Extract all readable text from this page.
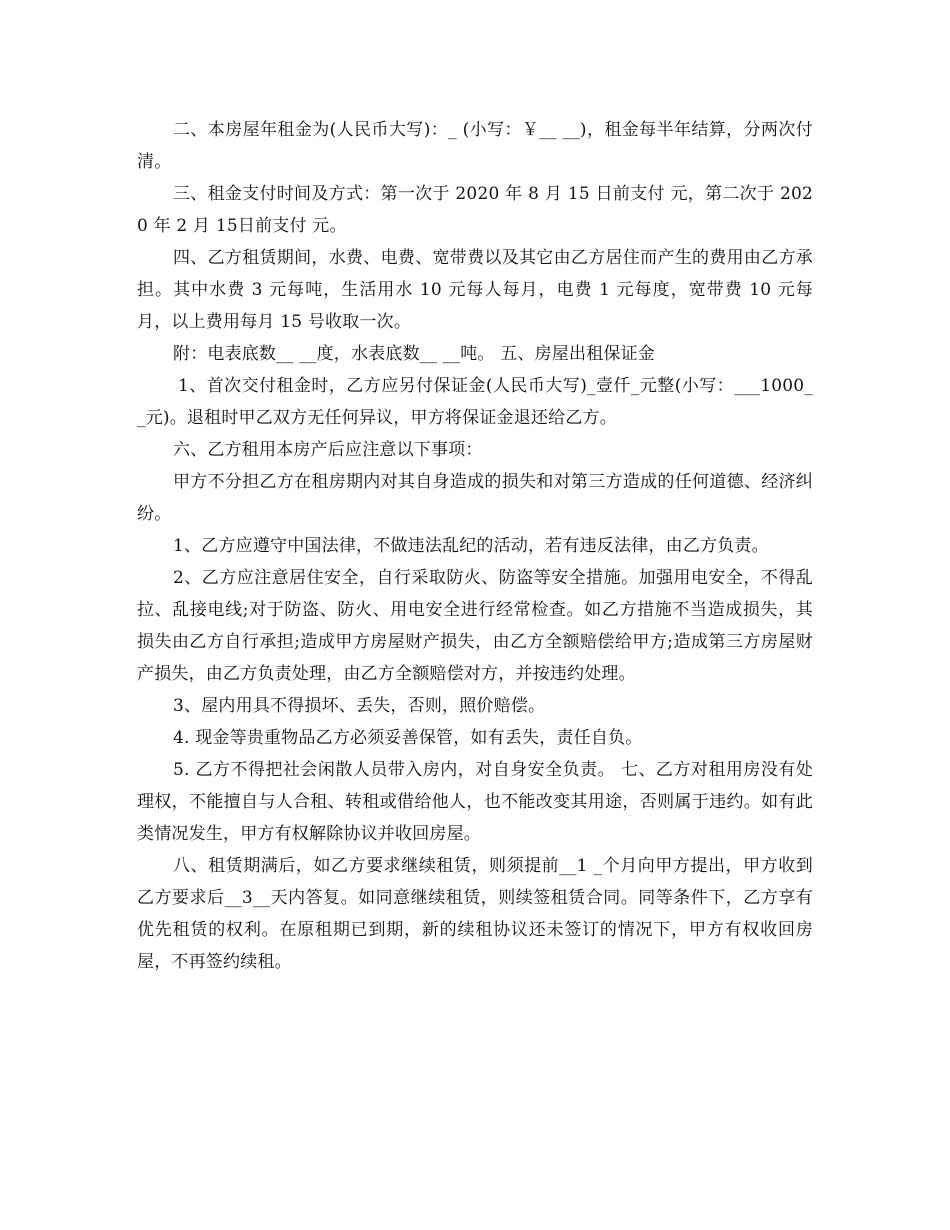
二、本房屋年租金为(人民币大写)：_ (小写：￥__ __)，租金每半年结算，分两次付清。

三、租金支付时间及方式：第一次于 2020 年 8 月 15 日前支付 元，第二次于 2020 年 2 月 15日前支付 元。

四、乙方租赁期间，水费、电费、宽带费以及其它由乙方居住而产生的费用由乙方承担。其中水费 3 元每吨，生活用水 10 元每人每月，电费 1 元每度，宽带费 10 元每月，以上费用每月 15 号收取一次。

附：电表底数__ __度，水表底数__ __吨。 五、房屋出租保证金

1、首次交付租金时，乙方应另付保证金(人民币大写)_壹仟_元整(小写：___1000__元)。退租时甲乙双方无任何异议，甲方将保证金退还给乙方。

六、乙方租用本房产后应注意以下事项：

甲方不分担乙方在租房期内对其自身造成的损失和对第三方造成的任何道德、经济纠纷。

1、乙方应遵守中国法律，不做违法乱纪的活动，若有违反法律，由乙方负责。

2、乙方应注意居住安全，自行采取防火、防盗等安全措施。加强用电安全，不得乱拉、乱接电线;对于防盗、防火、用电安全进行经常检查。如乙方措施不当造成损失，其损失由乙方自行承担;造成甲方房屋财产损失，由乙方全额赔偿给甲方;造成第三方房屋财产损失，由乙方负责处理，由乙方全额赔偿对方，并按违约处理。

3、屋内用具不得损坏、丢失，否则，照价赔偿。

4. 现金等贵重物品乙方必须妥善保管，如有丢失，责任自负。

5. 乙方不得把社会闲散人员带入房内，对自身安全负责。 七、乙方对租用房没有处理权，不能擅自与人合租、转租或借给他人，也不能改变其用途，否则属于违约。如有此类情况发生，甲方有权解除协议并收回房屋。

八、租赁期满后，如乙方要求继续租赁，则须提前__1 _个月向甲方提出，甲方收到乙方要求后__3__天内答复。如同意继续租赁，则续签租赁合同。同等条件下，乙方享有优先租赁的权利。在原租期已到期，新的续租协议还未签订的情况下，甲方有权收回房屋，不再签约续租。
